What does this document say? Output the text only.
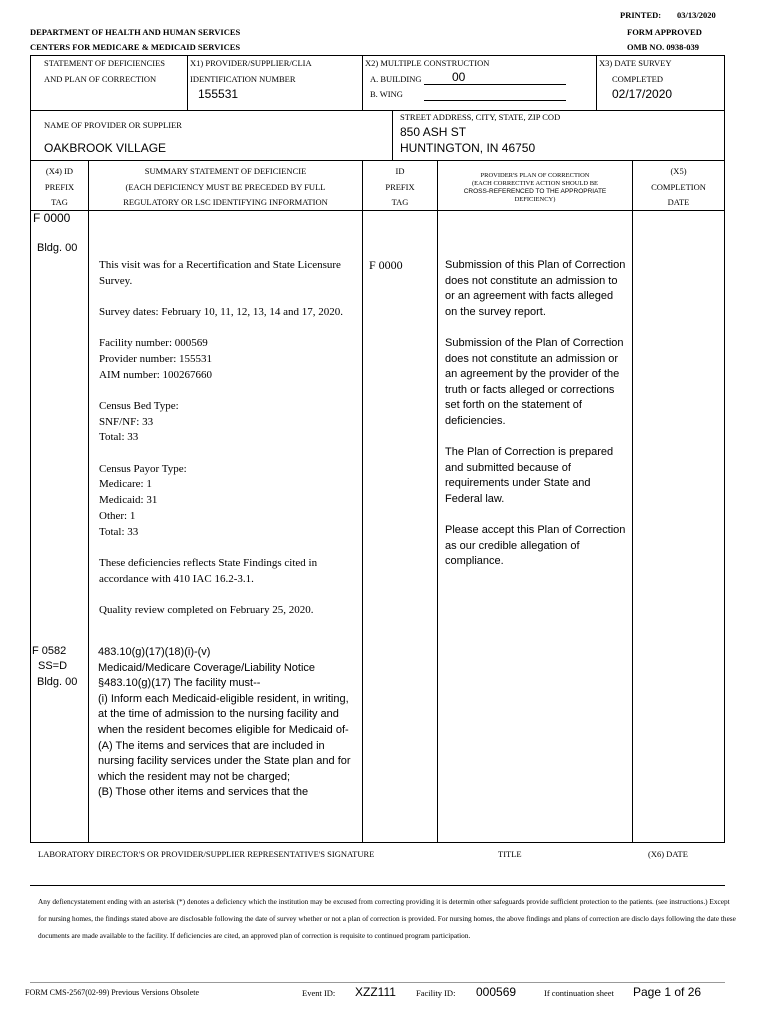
PRINTED: 03/13/2020
DEPARTMENT OF HEALTH AND HUMAN SERVICES	FORM APPROVED
CENTERS FOR MEDICARE & MEDICAID SERVICES	OMB NO. 0938-039
STATEMENT OF DEFICIENCIES
AND PLAN OF CORRECTION
X1) PROVIDER/SUPPLIER/CLIA
IDENTIFICATION NUMBER
155531
X2) MULTIPLE CONSTRUCTION
A. BUILDING	00
B. WING
X3) DATE SURVEY
COMPLETED
02/17/2020
NAME OF PROVIDER OR SUPPLIER
OAKBROOK VILLAGE
STREET ADDRESS, CITY, STATE, ZIP COD
850 ASH ST
HUNTINGTON, IN 46750
(X4) ID
PREFIX
TAG
SUMMARY STATEMENT OF DEFICIENCIE
(EACH DEFICIENCY MUST BE PRECEDED BY FULL
REGULATORY OR LSC IDENTIFYING INFORMATION
ID
PREFIX
TAG
PROVIDER'S PLAN OF CORRECTION
(EACH CORRECTIVE ACTION SHOULD BE
CROSS-REFERENCED TO THE APPROPRIATE
DEFICIENCY)
(X5)
COMPLETION
DATE
F 0000
Bldg. 00
This visit was for a Recertification and State Licensure Survey.
Survey dates: February 10, 11, 12, 13, 14 and 17, 2020.
Facility number: 000569
Provider number: 155531
AIM number: 100267660
Census Bed Type:
SNF/NF: 33
Total: 33
Census Payor Type:
Medicare: 1
Medicaid: 31
Other: 1
Total: 33
These deficiencies reflects State Findings cited in accordance with 410 IAC 16.2-3.1.
Quality review completed on February 25, 2020.
F 0000	Submission of this Plan of Correction does not constitute an admission to or an agreement with facts alleged on the survey report.
Submission of the Plan of Correction does not constitute an admission or an agreement by the provider of the truth or facts alleged or corrections set forth on the statement of deficiencies.
The Plan of Correction is prepared and submitted because of requirements under State and Federal law.
Please accept this Plan of Correction as our credible allegation of compliance.
F 0582
SS=D
Bldg. 00
483.10(g)(17)(18)(i)-(v)
Medicaid/Medicare Coverage/Liability Notice
§483.10(g)(17) The facility must--
(i) Inform each Medicaid-eligible resident, in writing, at the time of admission to the nursing facility and when the resident becomes eligible for Medicaid of-
(A) The items and services that are included in nursing facility services under the State plan and for which the resident may not be charged;
(B) Those other items and services that the
LABORATORY DIRECTOR'S OR PROVIDER/SUPPLIER REPRESENTATIVE'S SIGNATURE	TITLE	(X6) DATE
Any defiencystatement ending with an asterisk (*) denotes a deficiency which the institution may be excused from correcting providing it is determin other safeguards provide sufficient protection to the patients. (see instructions.) Except for nursing homes, the findings stated above are disclosable following the date of survey whether or not a plan of correction is provided. For nursing homes, the above findings and plans of correction are disclo days following the date these documents are made available to the facility. If deficiencies are cited, an approved plan of correction is requisite to continued program participation.
FORM CMS-2567(02-99) Previous Versions Obsolete	Event ID: XZZ111 Facility ID: 000569	If continuation sheet Page 1 of 26
